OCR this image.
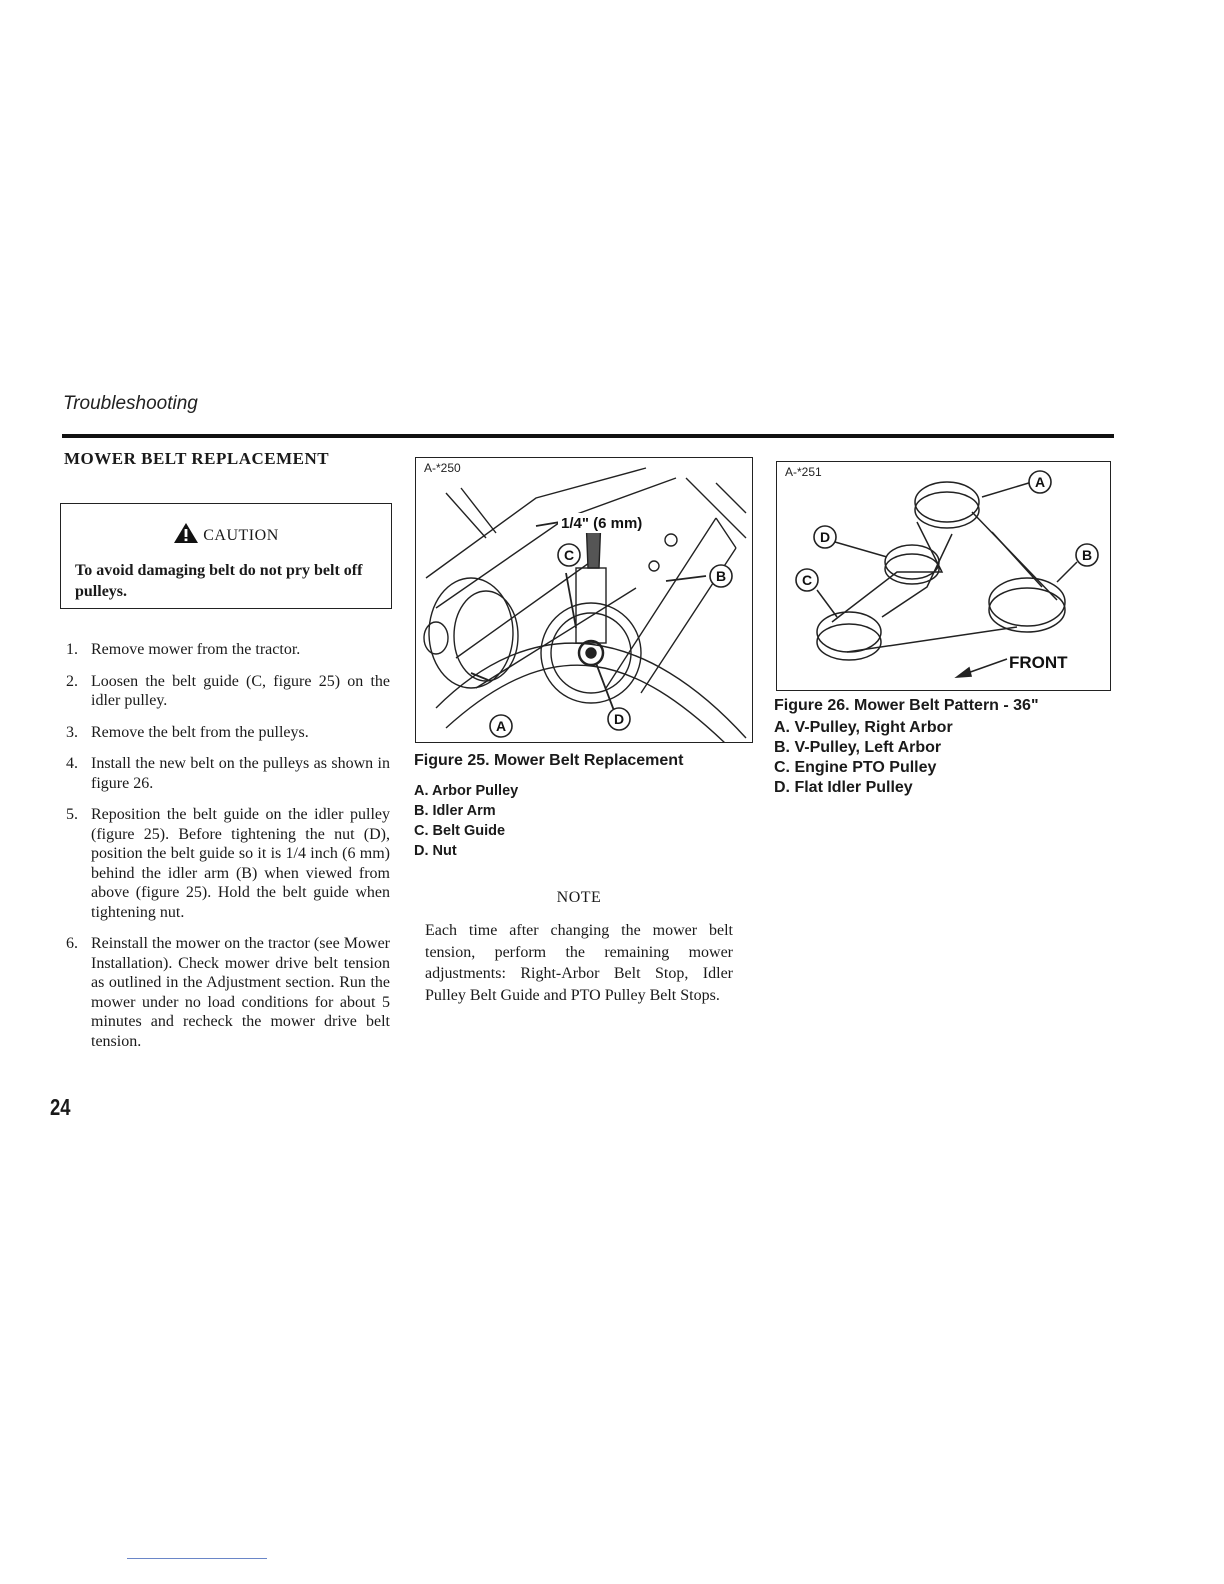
Troubleshooting
MOWER BELT REPLACEMENT
CAUTION
To avoid damaging belt do not pry belt off pulleys.
1. Remove mower from the tractor.
2. Loosen the belt guide (C, figure 25) on the idler pulley.
3. Remove the belt from the pulleys.
4. Install the new belt on the pulleys as shown in figure 26.
5. Reposition the belt guide on the idler pulley (figure 25). Before tightening the nut (D), position the belt guide so it is 1/4 inch (6 mm) behind the idler arm (B) when viewed from above (figure 25). Hold the belt guide when tightening nut.
6. Reinstall the mower on the tractor (see Mower Installation). Check mower drive belt tension as outlined in the Adjustment section. Run the mower under no load conditions for about 5 minutes and recheck the mower drive belt tension.
24
A-*250
A
B
C
D
1/4" (6 mm)
Figure 25. Mower Belt Replacement
A. Arbor Pulley
B. Idler Arm
C. Belt Guide
D. Nut
NOTE
Each time after changing the mower belt tension, perform the remaining mower adjustments: Right-Arbor Belt Stop, Idler Pulley Belt Guide and PTO Pulley Belt Stops.
A-*251
FRONT
A
B
C
D
Figure 26. Mower Belt Pattern - 36"
A. V-Pulley, Right Arbor
B. V-Pulley, Left Arbor
C. Engine PTO Pulley
D. Flat Idler Pulley
